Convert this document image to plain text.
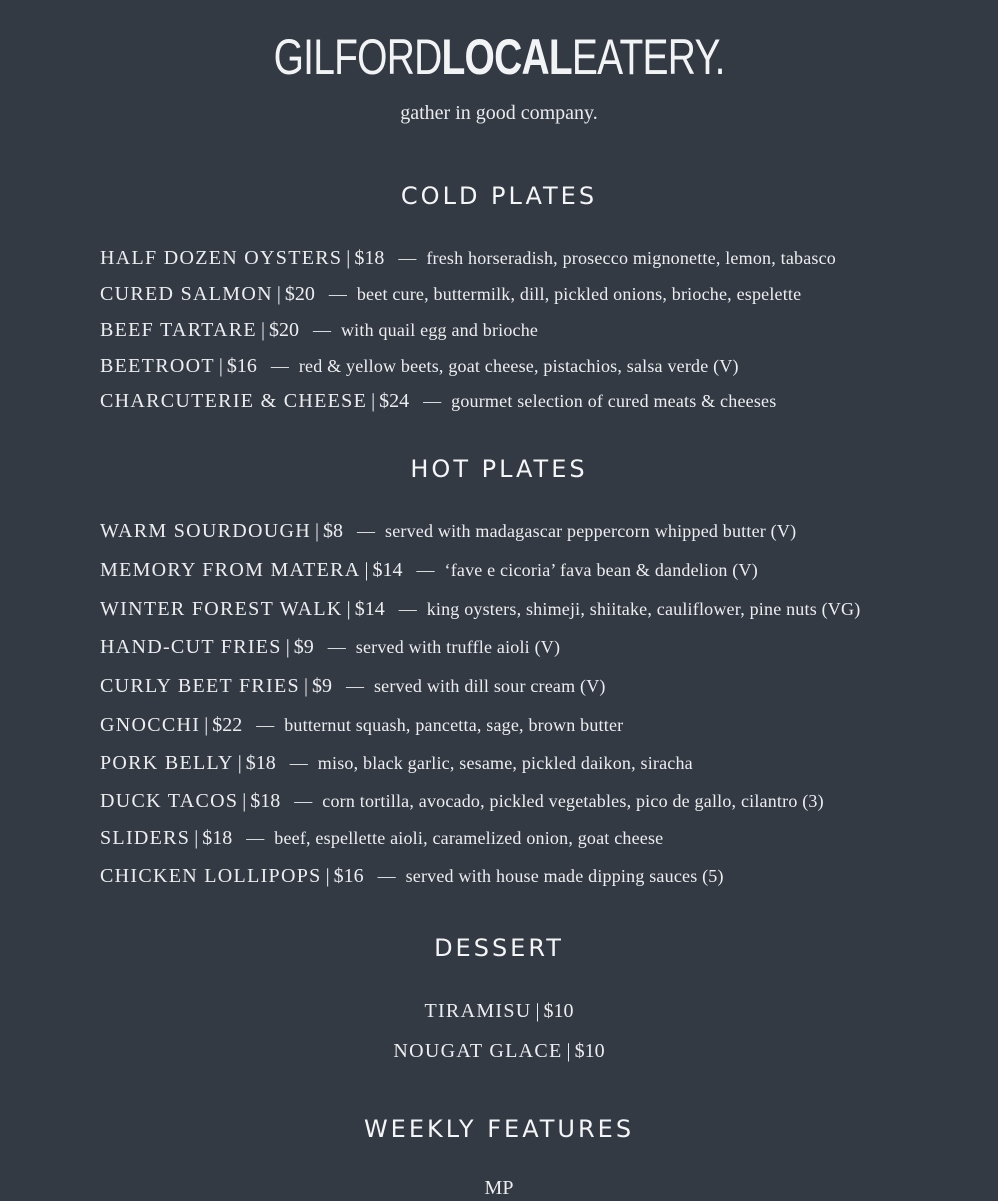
GILFORDLOCALEATERY.
gather in good company.
COLD PLATES
HALF DOZEN OYSTERS | $18 — fresh horseradish, prosecco mignonette, lemon, tabasco
CURED SALMON | $20 — beet cure, buttermilk, dill, pickled onions, brioche, espelette
BEEF TARTARE | $20 — with quail egg and brioche
BEETROOT | $16 — red & yellow beets, goat cheese, pistachios, salsa verde (V)
CHARCUTERIE & CHEESE | $24 — gourmet selection of cured meats & cheeses
HOT PLATES
WARM SOURDOUGH | $8 — served with madagascar peppercorn whipped butter (V)
MEMORY FROM MATERA | $14 — ‘fave e cicoria’ fava bean & dandelion (V)
WINTER FOREST WALK | $14 — king oysters, shimeji, shiitake, cauliflower, pine nuts (VG)
HAND-CUT FRIES | $9 — served with truffle aioli (V)
CURLY BEET FRIES | $9 — served with dill sour cream (V)
GNOCCHI | $22 — butternut squash, pancetta, sage, brown butter
PORK BELLY | $18 — miso, black garlic, sesame, pickled daikon, siracha
DUCK TACOS | $18 — corn tortilla, avocado, pickled vegetables, pico de gallo, cilantro (3)
SLIDERS | $18 — beef, espellette aioli, caramelized onion, goat cheese
CHICKEN LOLLIPOPS | $16 — served with house made dipping sauces (5)
DESSERT
TIRAMISU | $10
NOUGAT GLACE | $10
WEEKLY FEATURES
MP
